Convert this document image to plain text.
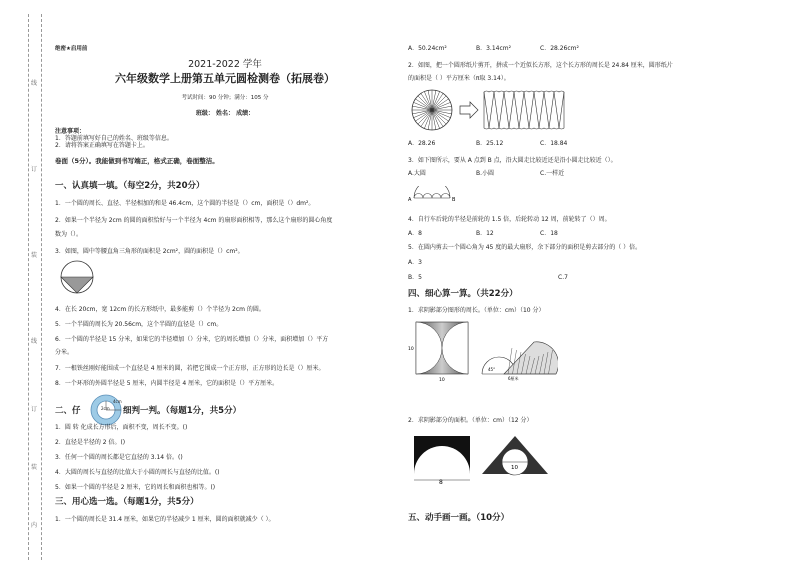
线
订
装
线
订
装
内
绝密★启用前
2021-2022 学年
六年级数学上册第五单元圆检测卷（拓展卷）
考试时间：90 分钟；满分：105 分
班级： 姓名： 成绩：
注意事项：
1．答题前填写好自己的姓名、班级等信息。
2．请将答案正确填写在答题卡上。
卷面（5分）。我能做到书写端正，格式正确，卷面整洁。
一、认真填一填。（每空2分，共20分）
1．一个圆的周长、直径、半径相加的和是 46.4cm，这个圆的半径是（）cm，面积是（）dm²。
2．如果一个半径为 2cm 的圆的面积恰好与一个半径为 4cm 的扇形面积相等，那么这个扇形的圆心角度
数为（）。
3．如图，圆中等腰直角三角形的面积是 2cm²，圆的面积是（）cm²。
4．在长 20cm，宽 12cm 的长方形纸中，最多能剪（）个半径为 2cm 的圆。
5．一个半圆的周长为 20.56cm，这个半圆的直径是（）cm。
6．一个圆的半径是 15 分米，如果它的半径增加（）分米，它的周长增加（）分米，面积增加（）平方
分米。
7．一根铁丝刚好能围成一个直径是 4 厘米的圆，若把它围成一个正方形，正方形的边长是（）厘米。
8．一个环形的外圆半径是 5 厘米，内圆半径是 4 厘米，它的面积是（）平方厘米。
二、仔
4cm
2cm 细判一判。（每题1分，共5分）
1．圆 转 化成长方形后，面积不变，周长不变。()
2．直径是半径的 2 倍。()
3．任何一个圆的周长都是它直径的 3.14 倍。()
4．大圆的周长与直径的比值大于小圆的周长与直径的比值。()
5．如果一个圆的半径是 2 厘米，它的周长和面积也相等。()
三、用心选一选。（每题1分，共5分）
1．一个圆的周长是 31.4 厘米，如果它的半径减少 1 厘米，圆的面积就减少（ ）。
A．50.24cm²	B．3.14cm²	C．28.26cm²
2．如图，把一个圆形纸片剪开，拼成一个近似长方形，这个长方形的周长是 24.84 厘米，圆形纸片
的面积是（ ）平方厘米（π取 3.14）。
A．28.26	B．25.12	C．18.84
3．如下图所示，要从 A 点到 B 点，沿大圆走比较近还是沿小圆走比较近（）。
A.大圆	B.小圆	C.一样近
A	B
4．自行车后轮的半径是前轮的 1.5 倍，后轮转动 12 周，前轮转了（）周。
A．8	B．12	C．18
5．在圆内剪去一个圆心角为 45 度的最大扇形，余下部分的面积是剪去部分的（ ）倍。
A．3
B．5	C.7
四、细心算一算。（共22分）
1．求阴影部分图形的周长。（单位：cm）（10 分）
10
10
45°
6厘米
2．求阴影部分的面积。（单位：cm）（12 分）
8
10
五、动手画一画。（10分）
